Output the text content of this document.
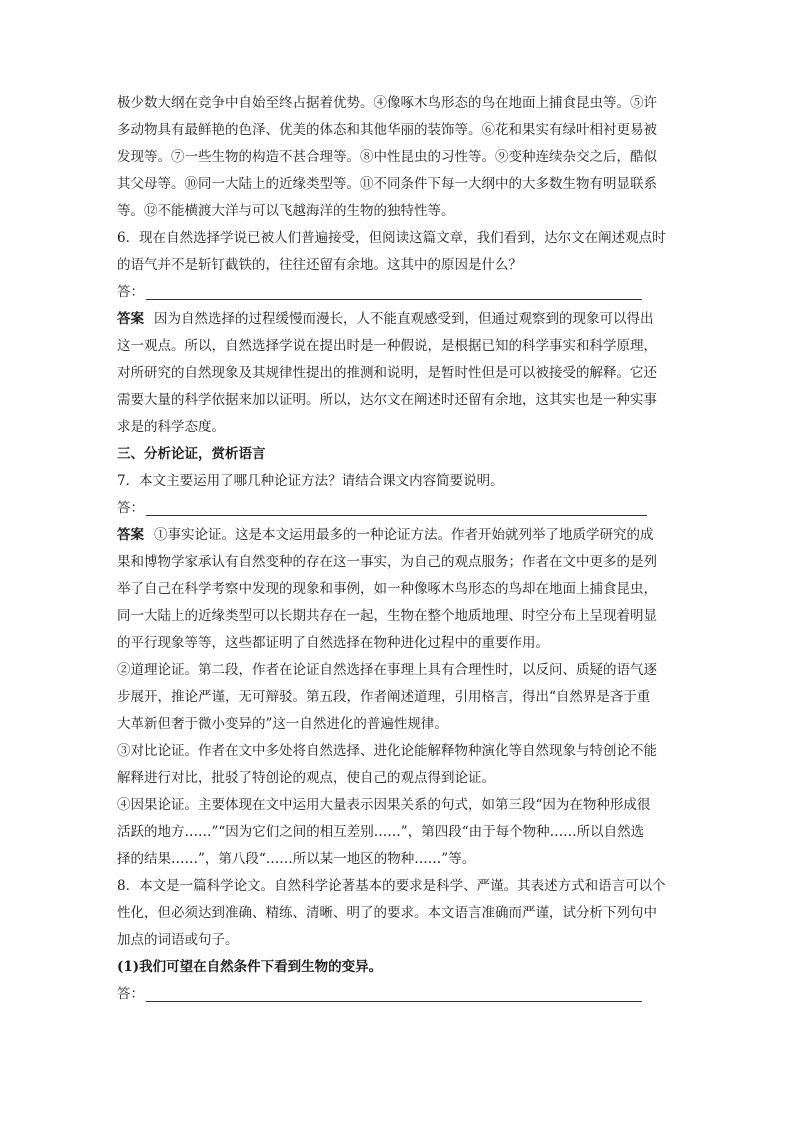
极少数大纲在竞争中自始至终占据着优势。④像啄木鸟形态的鸟在地面上捕食昆虫等。⑤许
多动物具有最鲜艳的色泽、优美的体态和其他华丽的装饰等。⑥花和果实有绿叶相衬更易被
发现等。⑦一些生物的构造不甚合理等。⑧中性昆虫的习性等。⑨变种连续杂交之后，酷似
其父母等。⑩同一大陆上的近缘类型等。⑪不同条件下每一大纲中的大多数生物有明显联系
等。⑫不能横渡大洋与可以飞越海洋的生物的独特性等。
6．现在自然选择学说已被人们普遍接受，但阅读这篇文章，我们看到，达尔文在阐述观点时
的语气并不是斩钉截铁的，往往还留有余地。这其中的原因是什么？
答：
答案 因为自然选择的过程缓慢而漫长，人不能直观感受到，但通过观察到的现象可以得出
这一观点。所以，自然选择学说在提出时是一种假说，是根据已知的科学事实和科学原理，
对所研究的自然现象及其规律性提出的推测和说明，是暂时性但是可以被接受的解释。它还
需要大量的科学依据来加以证明。所以，达尔文在阐述时还留有余地，这其实也是一种实事
求是的科学态度。
三、分析论证，赏析语言
7．本文主要运用了哪几种论证方法？请结合课文内容简要说明。
答：
答案 ①事实论证。这是本文运用最多的一种论证方法。作者开始就列举了地质学研究的成
果和博物学家承认有自然变种的存在这一事实，为自己的观点服务；作者在文中更多的是列
举了自己在科学考察中发现的现象和事例，如一种像啄木鸟形态的鸟却在地面上捕食昆虫，
同一大陆上的近缘类型可以长期共存在一起，生物在整个地质地理、时空分布上呈现着明显
的平行现象等等，这些都证明了自然选择在物种进化过程中的重要作用。
②道理论证。第二段，作者在论证自然选择在事理上具有合理性时，以反问、质疑的语气逐
步展开，推论严谨，无可辩驳。第五段，作者阐述道理，引用格言，得出“自然界是吝于重
大革新但奢于微小变异的”这一自然进化的普遍性规律。
③对比论证。作者在文中多处将自然选择、进化论能解释物种演化等自然现象与特创论不能
解释进行对比，批驳了特创论的观点，使自己的观点得到论证。
④因果论证。主要体现在文中运用大量表示因果关系的句式，如第三段“因为在物种形成很
活跃的地方……”“因为它们之间的相互差别……”，第四段“由于每个物种……所以自然选
择的结果……”，第八段“……所以某一地区的物种……”等。
8．本文是一篇科学论文。自然科学论著基本的要求是科学、严谨。其表述方式和语言可以个
性化，但必须达到准确、精练、清晰、明了的要求。本文语言准确而严谨，试分析下列句中
加点的词语或句子。
(1)我们可望在自然条件下看到生物的变异。
答：
